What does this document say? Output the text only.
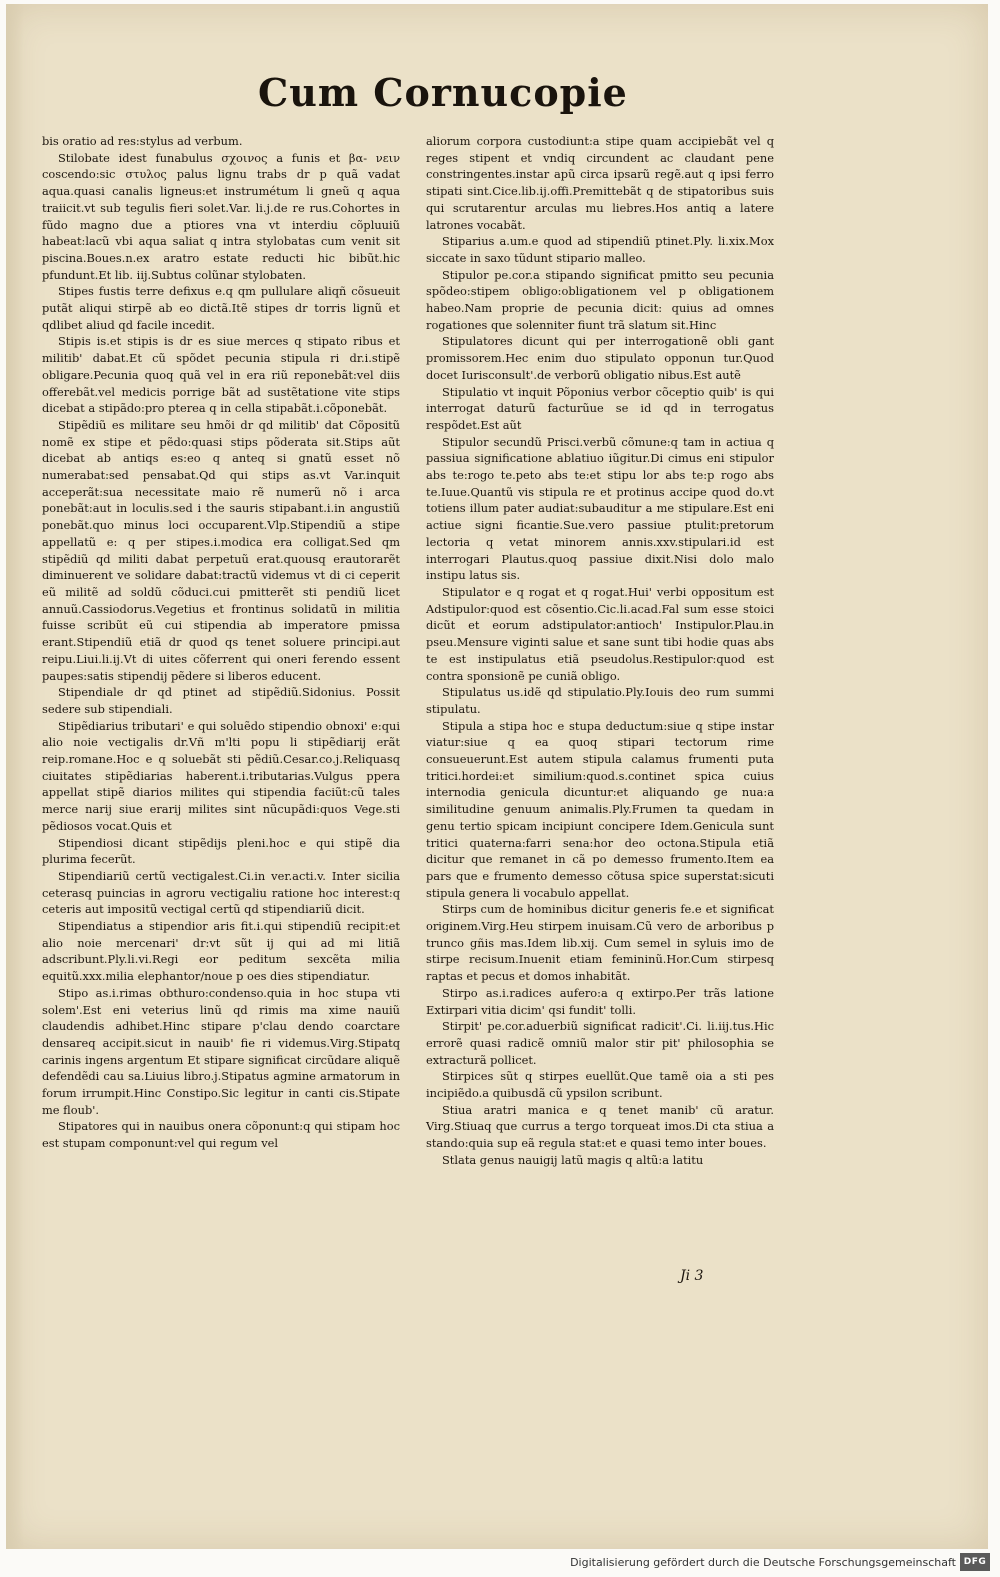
Cum Cornucopie

bis oratio ad res:stylus ad verbum.

Stilobate idest funabulus σχοινος a funis et βα- νειν coscendo:sic στυλος palus lignu trabs dr p quã vadat aqua.quasi canalis ligneus:et instrumétum li gneũ q aqua traiicit.vt sub tegulis fieri solet.Var. li.j.de re rus.Cohortes in fũdo magno due a ptiores vna vt interdiu cõpluuiũ habeat:lacũ vbi aqua saliat q intra stylobatas cum venit sit piscina.Boues.n.ex aratro estate reducti hic bibũt.hic pfundunt.Et lib. iij.Subtus colũnar stylobaten.

Stipes fustis terre defixus e.q qm pullulare aliqñ cõsueuit putãt aliqui stirpẽ ab eo dictã.Itẽ stipes dr torris lignũ et qdlibet aliud qd facile incedit.

Stipis is.et stipis is dr es siue merces q stipato ribus et militib' dabat.Et cũ spõdet pecunia stipula ri dr.i.stipẽ obligare.Pecunia quoq quã vel in era riũ reponebãt:vel diis offerebãt.vel medicis porrige bãt ad sustẽtatione vite stips dicebat a stipãdo:pro pterea q in cella stipabãt.i.cõponebãt.

Stipẽdiũ es militare seu hmõi dr qd militib' dat Cõpositũ nomẽ ex stipe et pẽdo:quasi stips põderata sit.Stips aũt dicebat ab antiqs es:eo q anteq si gnatũ esset nõ numerabat:sed pensabat.Qd qui stips as.vt Var.inquit acceperãt:sua necessitate maio rẽ numerũ nõ i arca ponebãt:aut in loculis.sed i the sauris stipabant.i.in angustiũ ponebãt.quo minus loci occuparent.Vlp.Stipendiũ a stipe appellatũ e: q per stipes.i.modica era colligat.Sed qm stipẽdiũ qd militi dabat perpetuũ erat.quousq erautorarẽt diminuerent ve solidare dabat:tractũ videmus vt di ci ceperit eũ militẽ ad soldũ cõduci.cui pmitterẽt sti pendiũ licet annuũ.Cassiodorus.Vegetius et frontinus solidatũ in militia fuisse scribũt eũ cui stipendia ab imperatore pmissa erant.Stipendiũ etiã dr quod qs tenet soluere principi.aut reipu.Liui.li.ij.Vt di uites cõferrent qui oneri ferendo essent paupes:satis stipendij pẽdere si liberos educent.

Stipendiale dr qd ptinet ad stipẽdiũ.Sidonius. Possit sedere sub stipendiali.

Stipẽdiarius tributari' e qui soluẽdo stipendio obnoxi' e:qui alio noie vectigalis dr.Vñ m'lti popu li stipẽdiarij erãt reip.romane.Hoc e q soluebãt sti pẽdiũ.Cesar.co.j.Reliquasq ciuitates stipẽdiarias haberent.i.tributarias.Vulgus ppera appellat stipẽ diarios milites qui stipendia faciũt:cũ tales merce narij siue erarij milites sint nũcupãdi:quos Vege.sti pẽdiosos vocat.Quis et

Stipendiosi dicant stipẽdijs pleni.hoc e qui stipẽ dia plurima fecerũt.

Stipendiariũ certũ vectigalest.Ci.in ver.acti.v. Inter sicilia ceterasq puincias in agroru vectigaliu ratione hoc interest:q ceteris aut impositũ vectigal certũ qd stipendiariũ dicit.

Stipendiatus a stipendior aris fit.i.qui stipendiũ recipit:et alio noie mercenari' dr:vt sũt ij qui ad mi litiã adscribunt.Ply.li.vi.Regi eor peditum sexcẽta milia equitũ.xxx.milia elephantor/noue p oes dies stipendiatur.

Stipo as.i.rimas obthuro:condenso.quia in hoc stupa vti solem'.Est eni veterius linũ qd rimis ma xime nauiũ claudendis adhibet.Hinc stipare p'clau dendo coarctare densareq accipit.sicut in nauib' fie ri videmus.Virg.Stipatq carinis ingens argentum Et stipare significat circũdare aliquẽ defendẽdi cau sa.Liuius libro.j.Stipatus agmine armatorum in forum irrumpit.Hinc Constipo.Sic legitur in canti cis.Stipate me floub'.

Stipatores qui in nauibus onera cõponunt:q qui stipam hoc est stupam componunt:vel qui regum vel

aliorum corpora custodiunt:a stipe quam accipiebãt vel q reges stipent et vndiq circundent ac claudant pene constringentes.instar apũ circa ipsarũ regẽ.aut q ipsi ferro stipati sint.Cice.lib.ij.offi.Premittebãt q de stipatoribus suis qui scrutarentur arculas mu liebres.Hos antiq a latere latrones vocabãt.

Stiparius a.um.e quod ad stipendiũ ptinet.Ply. li.xix.Mox siccate in saxo tũdunt stipario malleo.

Stipulor pe.cor.a stipando significat pmitto seu pecunia spõdeo:stipem obligo:obligationem vel p obligationem habeo.Nam proprie de pecunia dicit: quius ad omnes rogationes que solenniter fiunt trã slatum sit.Hinc

Stipulatores dicunt qui per interrogationẽ obli gant promissorem.Hec enim duo stipulato opponun tur.Quod docet Iurisconsult'.de verborũ obligatio nibus.Est autẽ

Stipulatio vt inquit Põponius verbor cõceptio quib' is qui interrogat daturũ facturũue se id qd in terrogatus respõdet.Est aũt

Stipulor secundũ Prisci.verbũ cõmune:q tam in actiua q passiua significatione ablatiuo iũgitur.Di cimus eni stipulor abs te:rogo te.peto abs te:et stipu lor abs te:p rogo abs te.Iuue.Quantũ vis stipula re et protinus accipe quod do.vt totiens illum pater audiat:subauditur a me stipulare.Est eni actiue signi ficantie.Sue.vero passiue ptulit:pretorum lectoria q vetat minorem annis.xxv.stipulari.id est interrogari Plautus.quoq passiue dixit.Nisi dolo malo instipu latus sis.

Stipulator e q rogat et q rogat.Hui' verbi oppositum est Adstipulor:quod est cõsentio.Cic.li.acad.Fal sum esse stoici dicũt et eorum adstipulator:antioch' Instipulor.Plau.in pseu.Mensure viginti salue et sane sunt tibi hodie quas abs te est instipulatus etiã pseudolus.Restipulor:quod est contra sponsionẽ pe cuniã obligo.

Stipulatus us.idẽ qd stipulatio.Ply.Iouis deo rum summi stipulatu.

Stipula a stipa hoc e stupa deductum:siue q stipe instar viatur:siue q ea quoq stipari tectorum rime consueuerunt.Est autem stipula calamus frumenti puta tritici.hordei:et similium:quod.s.continet spica cuius internodia genicula dicuntur:et aliquando ge nua:a similitudine genuum animalis.Ply.Frumen ta quedam in genu tertio spicam incipiunt concipere Idem.Genicula sunt tritici quaterna:farri sena:hor deo octona.Stipula etiã dicitur que remanet in cã po demesso frumento.Item ea pars que e frumento demesso cõtusa spice superstat:sicuti stipula genera li vocabulo appellat.

Stirps cum de hominibus dicitur generis fe.e et significat originem.Virg.Heu stirpem inuisam.Cũ vero de arboribus p trunco gñis mas.Idem lib.xij. Cum semel in syluis imo de stirpe recisum.Inuenit etiam femininũ.Hor.Cum stirpesq raptas et pecus et domos inhabitãt.

Stirpo as.i.radices aufero:a q extirpo.Per trãs latione Extirpari vitia dicim' qsi fundit' tolli.

Stirpit' pe.cor.aduerbiũ significat radicit'.Ci. li.iij.tus.Hic errorẽ quasi radicẽ omniũ malor stir pit' philosophia se extracturã pollicet.

Stirpices sũt q stirpes euellũt.Que tamẽ oia a sti pes incipiẽdo.a quibusdã cũ ypsilon scribunt.

Stiua aratri manica e q tenet manib' cũ aratur. Virg.Stiuaq que currus a tergo torqueat imos.Di cta stiua a stando:quia sup eã regula stat:et e quasi temo inter boues.

Stlata genus nauigij latũ magis q altũ:a latitu

Ji 3
Digitalisierung gefördert durch die Deutsche Forschungsgemeinschaft DFG
